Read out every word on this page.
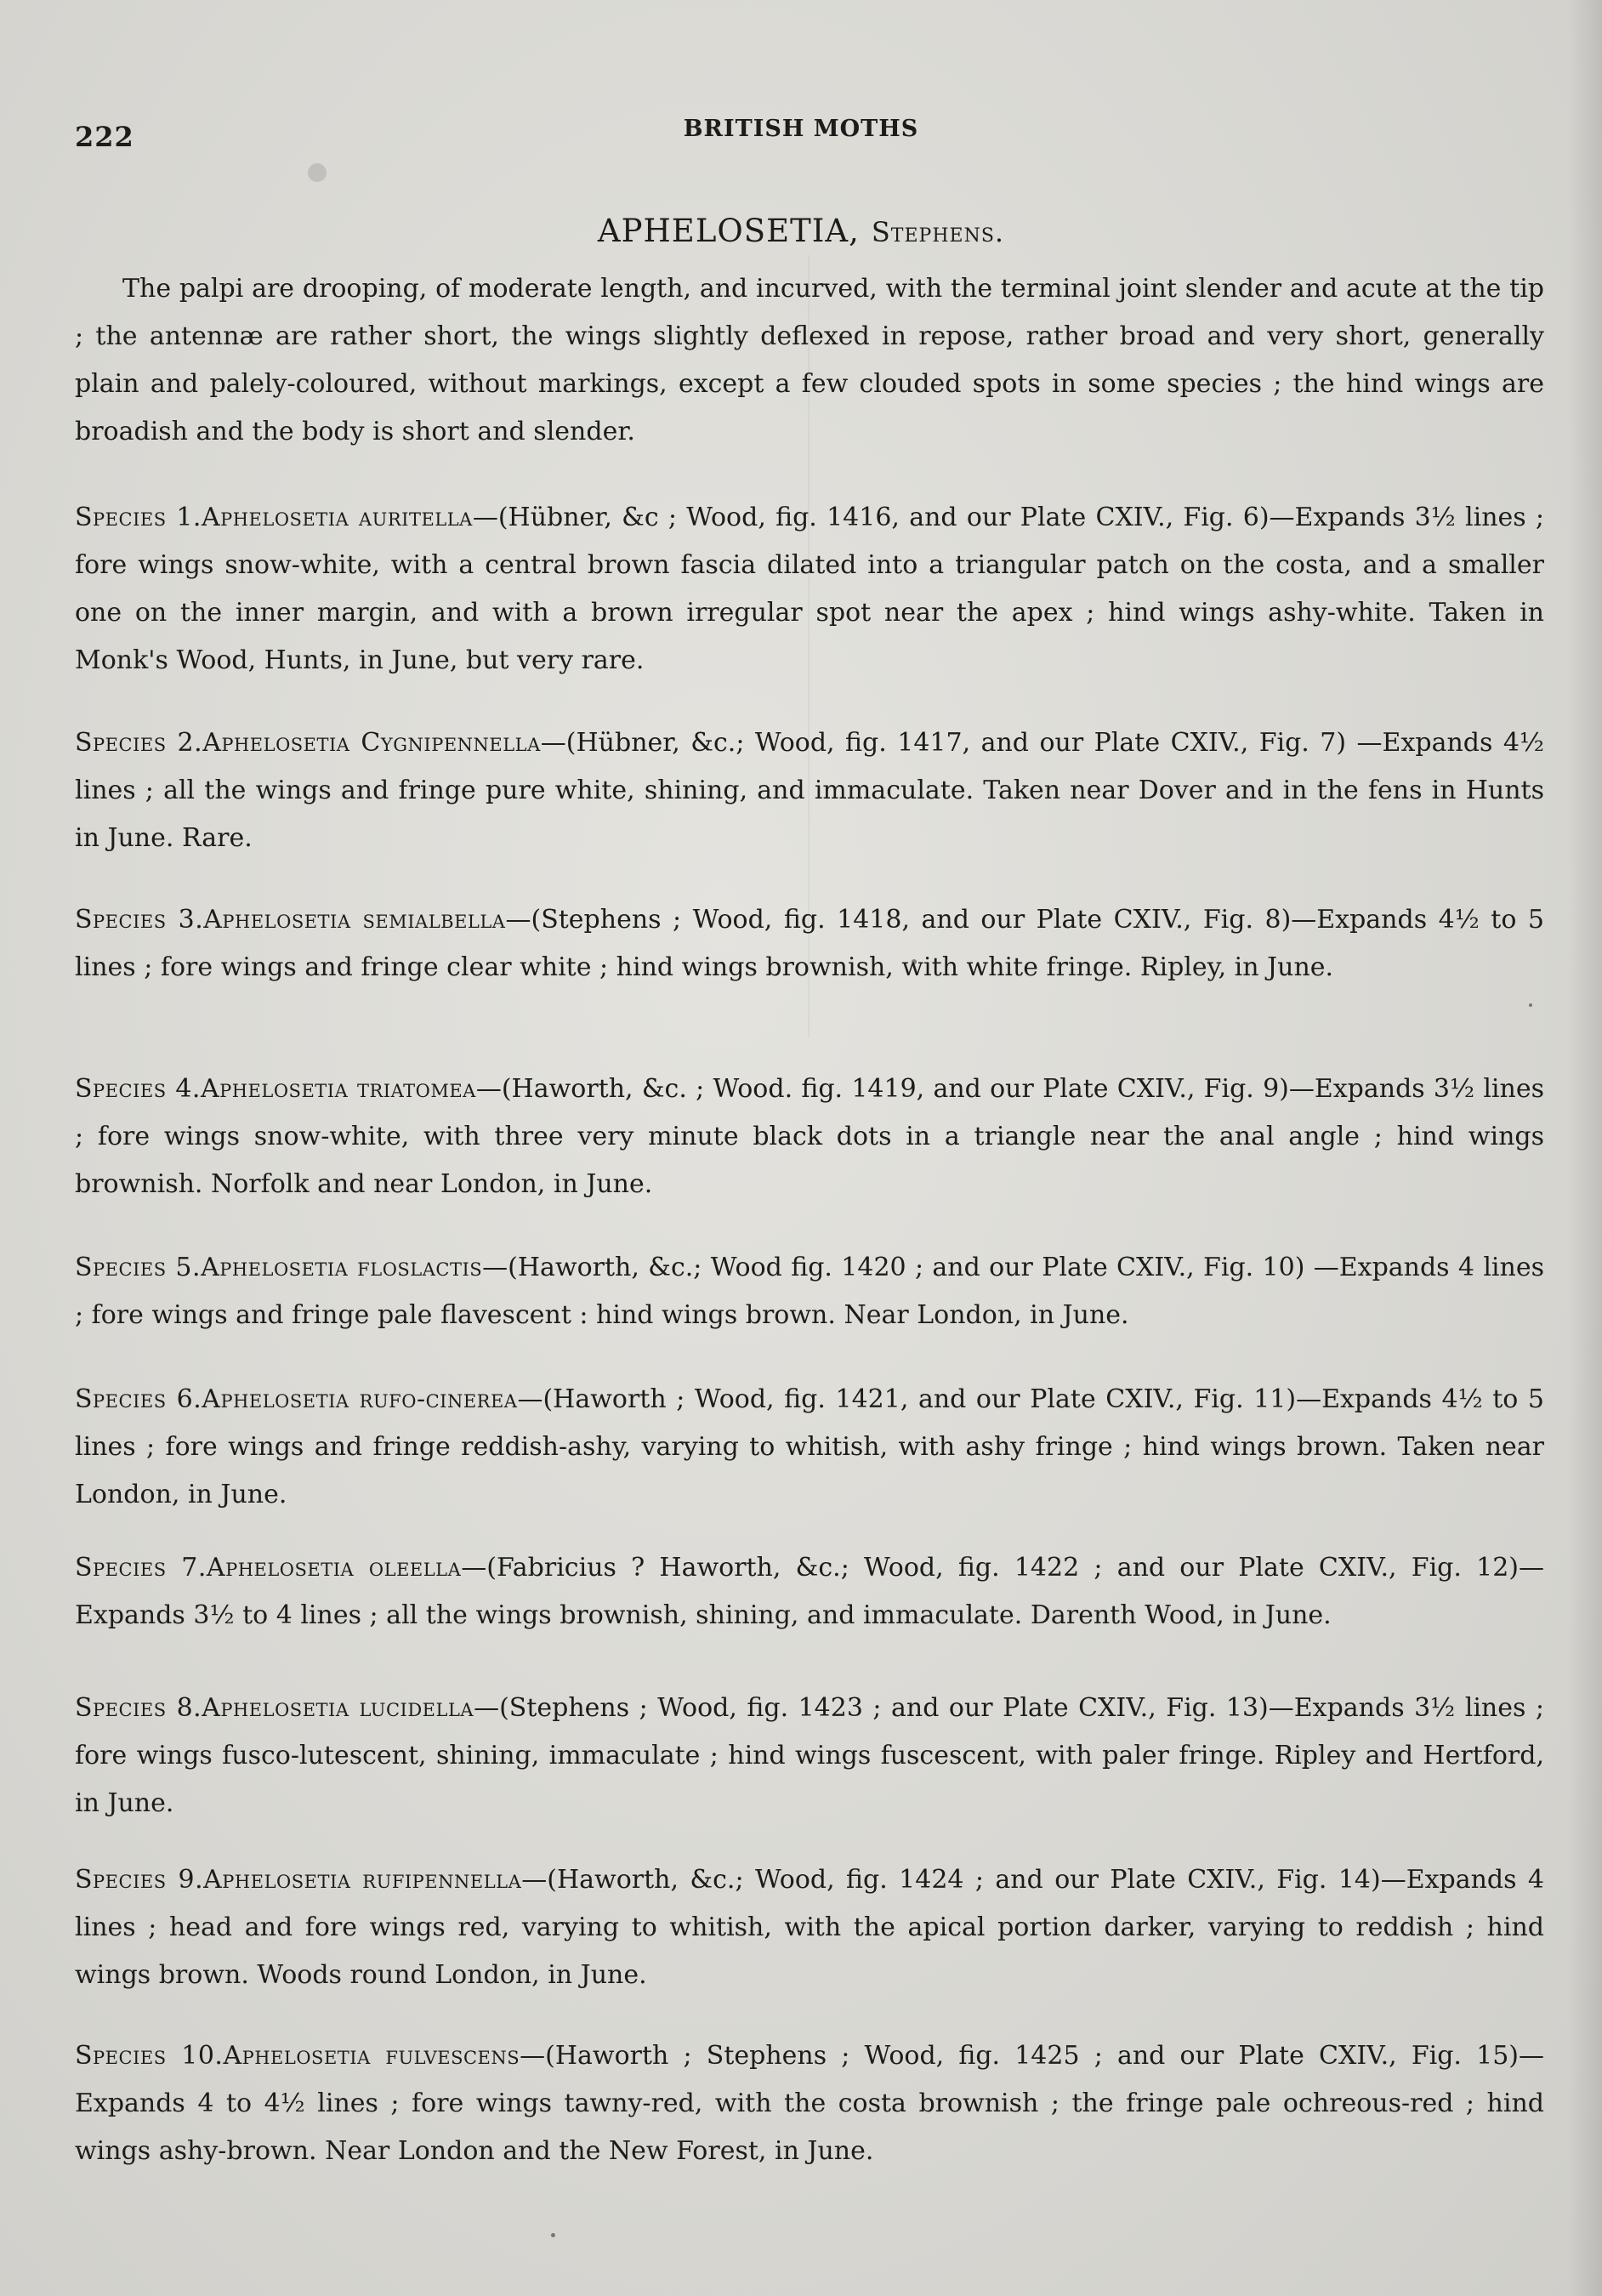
222	BRITISH MOTHS
APHELOSETIA, Stephens.

The palpi are drooping, of moderate length, and incurved, with the terminal joint slender and acute at the tip ; the antennæ are rather short, the wings slightly deflexed in repose, rather broad and very short, generally plain and palely-coloured, without markings, except a few clouded spots in some species ; the hind wings are broadish and the body is short and slender.

Species 1.Aphelosetia auritella—(Hübner, &c ; Wood, fig. 1416, and our Plate CXIV., Fig. 6)—Expands 3½ lines ; fore wings snow-white, with a central brown fascia dilated into a triangular patch on the costa, and a smaller one on the inner margin, and with a brown irregular spot near the apex ; hind wings ashy-white. Taken in Monk's Wood, Hunts, in June, but very rare.

Species 2.Aphelosetia Cygnipennella—(Hübner, &c.; Wood, fig. 1417, and our Plate CXIV., Fig. 7) —Expands 4½ lines ; all the wings and fringe pure white, shining, and immaculate. Taken near Dover and in the fens in Hunts in June. Rare.

Species 3.Aphelosetia semialbella—(Stephens ; Wood, fig. 1418, and our Plate CXIV., Fig. 8)—Expands 4½ to 5 lines ; fore wings and fringe clear white ; hind wings brownish, with white fringe. Ripley, in June.

Species 4.Aphelosetia triatomea—(Haworth, &c. ; Wood. fig. 1419, and our Plate CXIV., Fig. 9)—Expands 3½ lines ; fore wings snow-white, with three very minute black dots in a triangle near the anal angle ; hind wings brownish. Norfolk and near London, in June.

Species 5.Aphelosetia floslactis—(Haworth, &c.; Wood fig. 1420 ; and our Plate CXIV., Fig. 10) —Expands 4 lines ; fore wings and fringe pale flavescent : hind wings brown. Near London, in June.

Species 6.Aphelosetia rufo-cinerea—(Haworth ; Wood, fig. 1421, and our Plate CXIV., Fig. 11)—Expands 4½ to 5 lines ; fore wings and fringe reddish-ashy, varying to whitish, with ashy fringe ; hind wings brown. Taken near London, in June.

Species 7.Aphelosetia oleella—(Fabricius ? Haworth, &c.; Wood, fig. 1422 ; and our Plate CXIV., Fig. 12)—Expands 3½ to 4 lines ; all the wings brownish, shining, and immaculate. Darenth Wood, in June.

Species 8.Aphelosetia lucidella—(Stephens ; Wood, fig. 1423 ; and our Plate CXIV., Fig. 13)—Expands 3½ lines ; fore wings fusco-lutescent, shining, immaculate ; hind wings fuscescent, with paler fringe. Ripley and Hertford, in June.

Species 9.Aphelosetia rufipennella—(Haworth, &c.; Wood, fig. 1424 ; and our Plate CXIV., Fig. 14)—Expands 4 lines ; head and fore wings red, varying to whitish, with the apical portion darker, varying to reddish ; hind wings brown. Woods round London, in June.

Species 10.Aphelosetia fulvescens—(Haworth ; Stephens ; Wood, fig. 1425 ; and our Plate CXIV., Fig. 15)—Expands 4 to 4½ lines ; fore wings tawny-red, with the costa brownish ; the fringe pale ochreous-red ; hind wings ashy-brown. Near London and the New Forest, in June.
